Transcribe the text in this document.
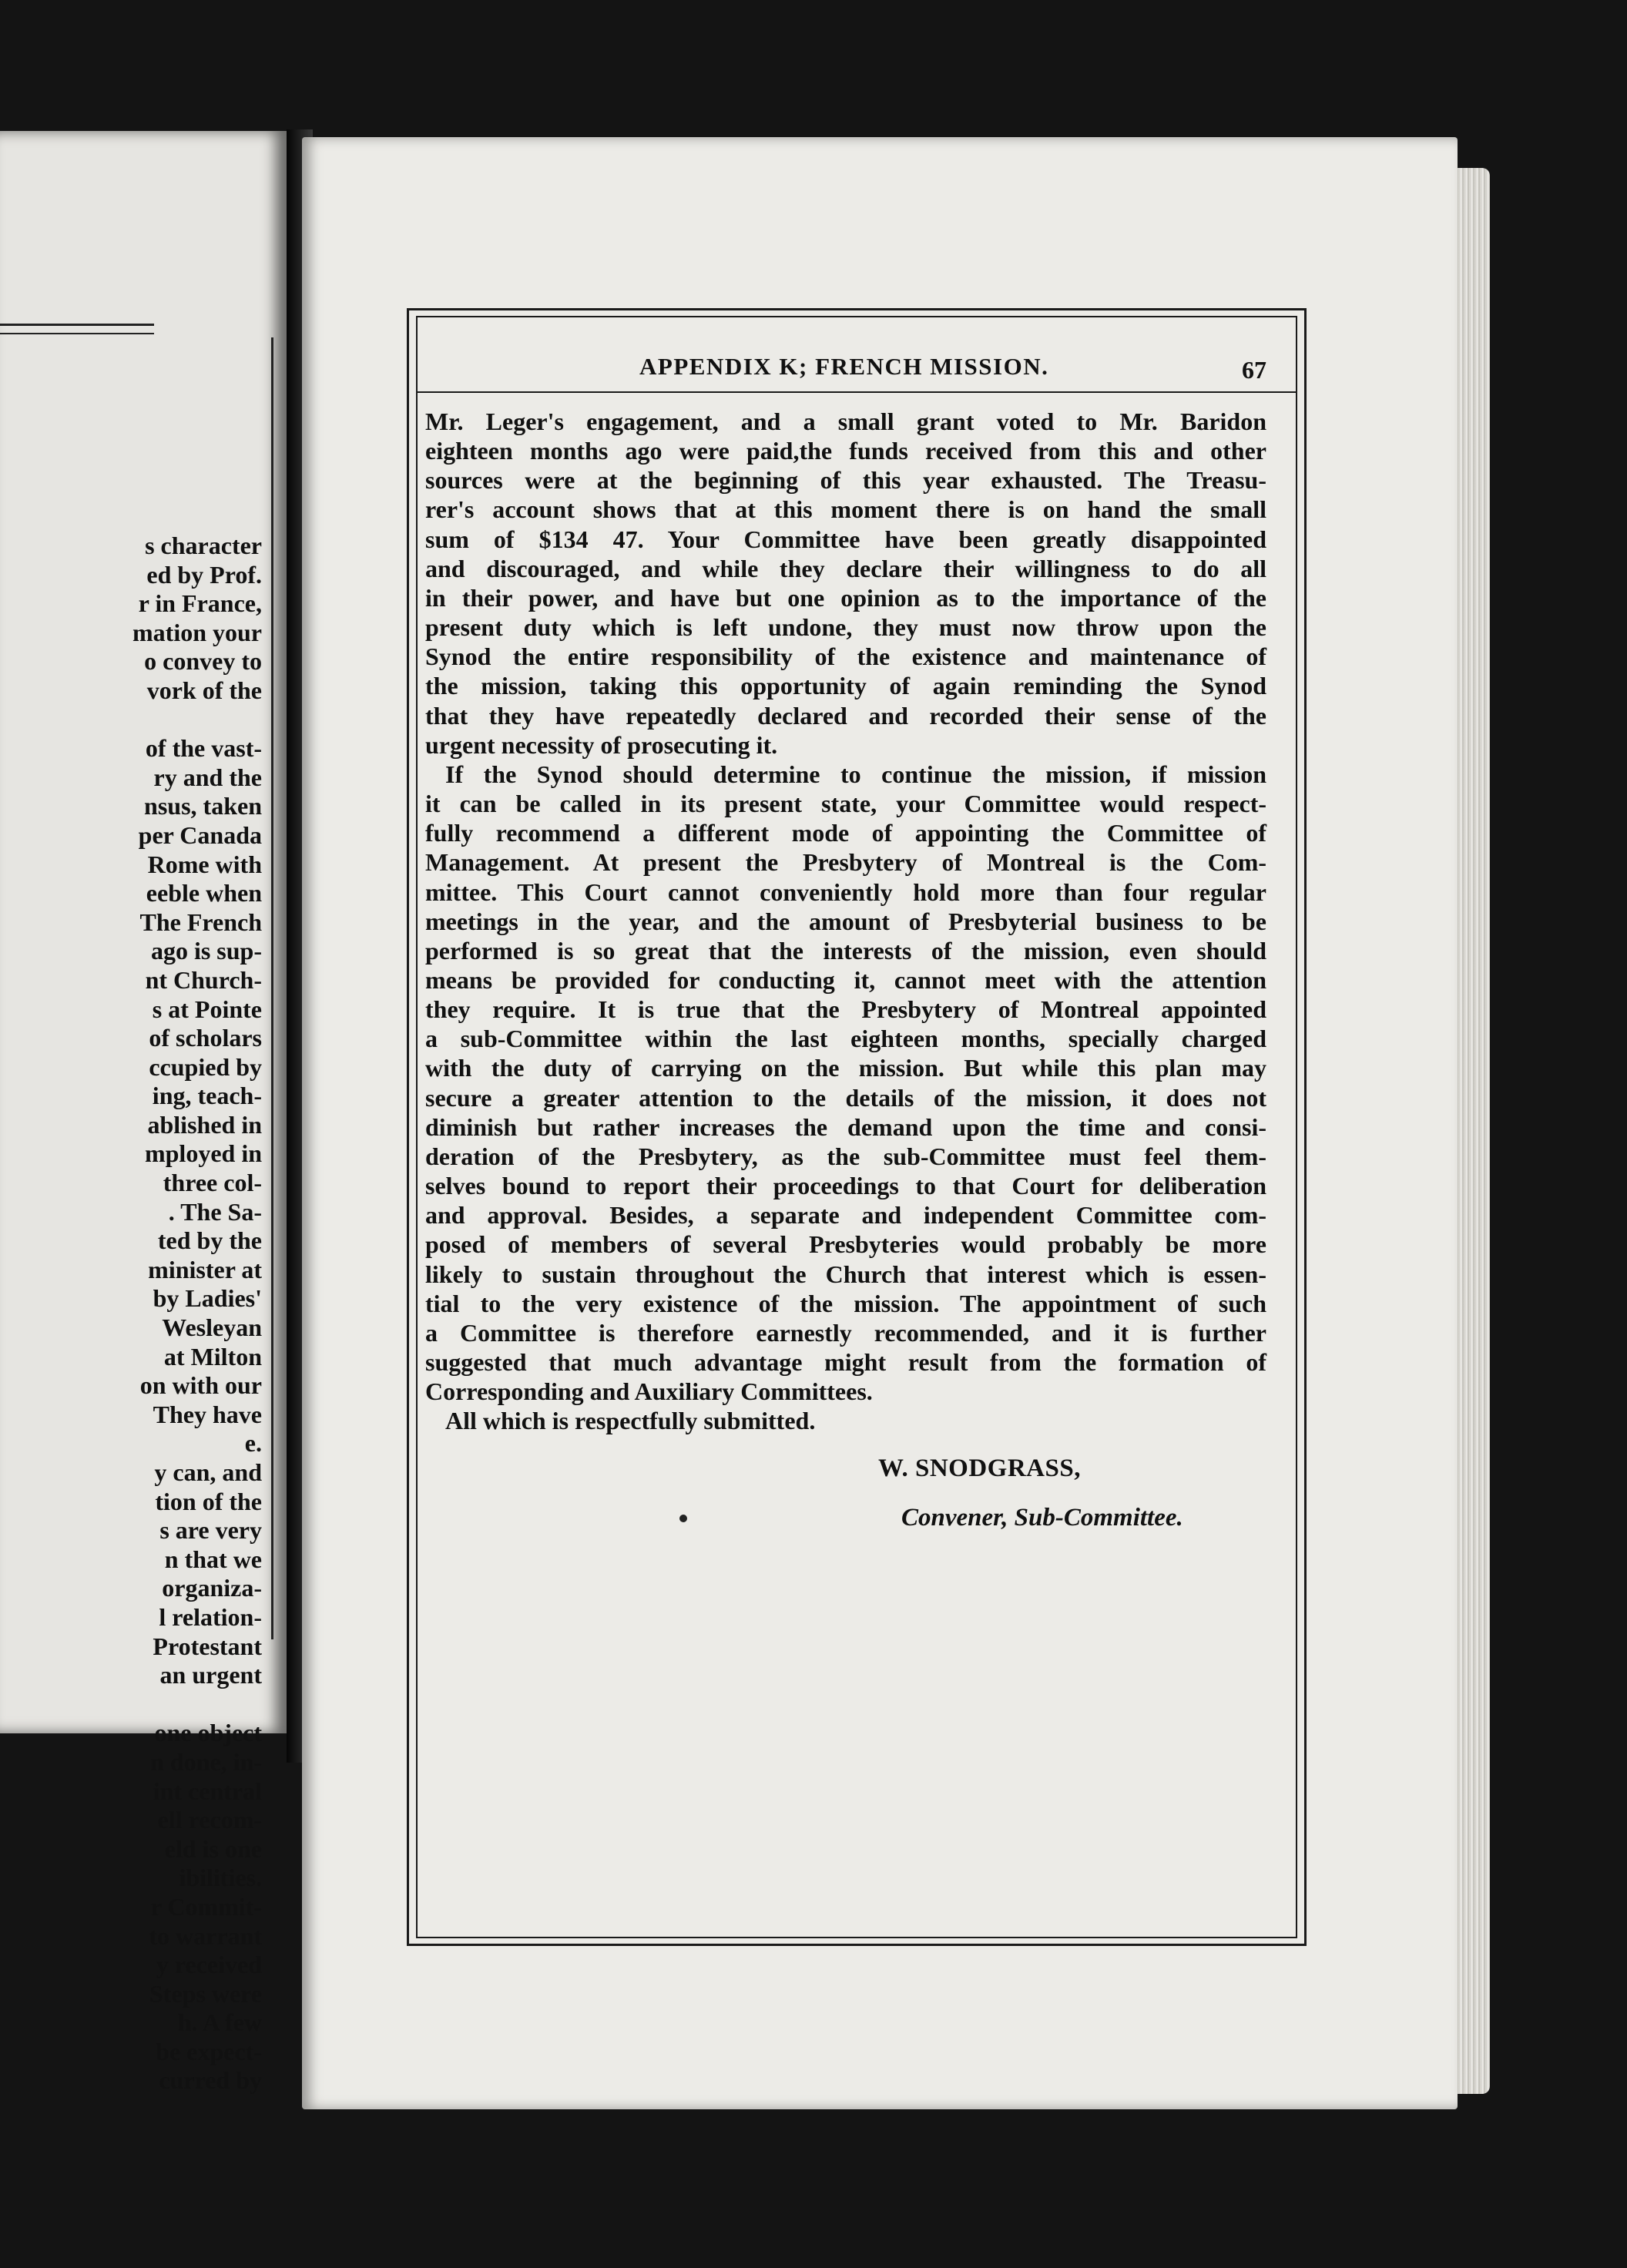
s character
ed by Prof.
r in France,
mation your
o convey to
vork of the

of the vast-
ry and the
nsus, taken
per Canada
Rome with
eeble when
The French
ago is sup-
nt Church-
s at Pointe
of scholars
ccupied by
ing, teach-
ablished in
mployed in
three col-
. The Sa-
ted by the
minister at
by Ladies'
Wesleyan
at Milton
on with our
They have
e.
y can, and
tion of the
s are very
n that we
organiza-
l relation-
Protestant
an urgent

one object
n done, in-
int central
ell recom-
eld is one
ibilities.
r Commit-
to warrant
y received
Steps were
h. A few
be expect-
curred by
APPENDIX K; FRENCH MISSION.	67
Mr. Leger's engagement, and a small grant voted to Mr. Baridon
eighteen months ago were paid,the funds received from this and other
sources were at the beginning of this year exhausted. The Treasu-
rer's account shows that at this moment there is on hand the small
sum of $134 47. Your Committee have been greatly disappointed
and discouraged, and while they declare their willingness to do all
in their power, and have but one opinion as to the importance of the
present duty which is left undone, they must now throw upon the
Synod the entire responsibility of the existence and maintenance of
the mission, taking this opportunity of again reminding the Synod
that they have repeatedly declared and recorded their sense of the
urgent necessity of prosecuting it.
If the Synod should determine to continue the mission, if mission
it can be called in its present state, your Committee would respect-
fully recommend a different mode of appointing the Committee of
Management. At present the Presbytery of Montreal is the Com-
mittee. This Court cannot conveniently hold more than four regular
meetings in the year, and the amount of Presbyterial business to be
performed is so great that the interests of the mission, even should
means be provided for conducting it, cannot meet with the attention
they require. It is true that the Presbytery of Montreal appointed
a sub-Committee within the last eighteen months, specially charged
with the duty of carrying on the mission. But while this plan may
secure a greater attention to the details of the mission, it does not
diminish but rather increases the demand upon the time and consi-
deration of the Presbytery, as the sub-Committee must feel them-
selves bound to report their proceedings to that Court for deliberation
and approval. Besides, a separate and independent Committee com-
posed of members of several Presbyteries would probably be more
likely to sustain throughout the Church that interest which is essen-
tial to the very existence of the mission. The appointment of such
a Committee is therefore earnestly recommended, and it is further
suggested that much advantage might result from the formation of
Corresponding and Auxiliary Committees.
All which is respectfully submitted.
W. SNODGRASS,
Convener, Sub-Committee.
